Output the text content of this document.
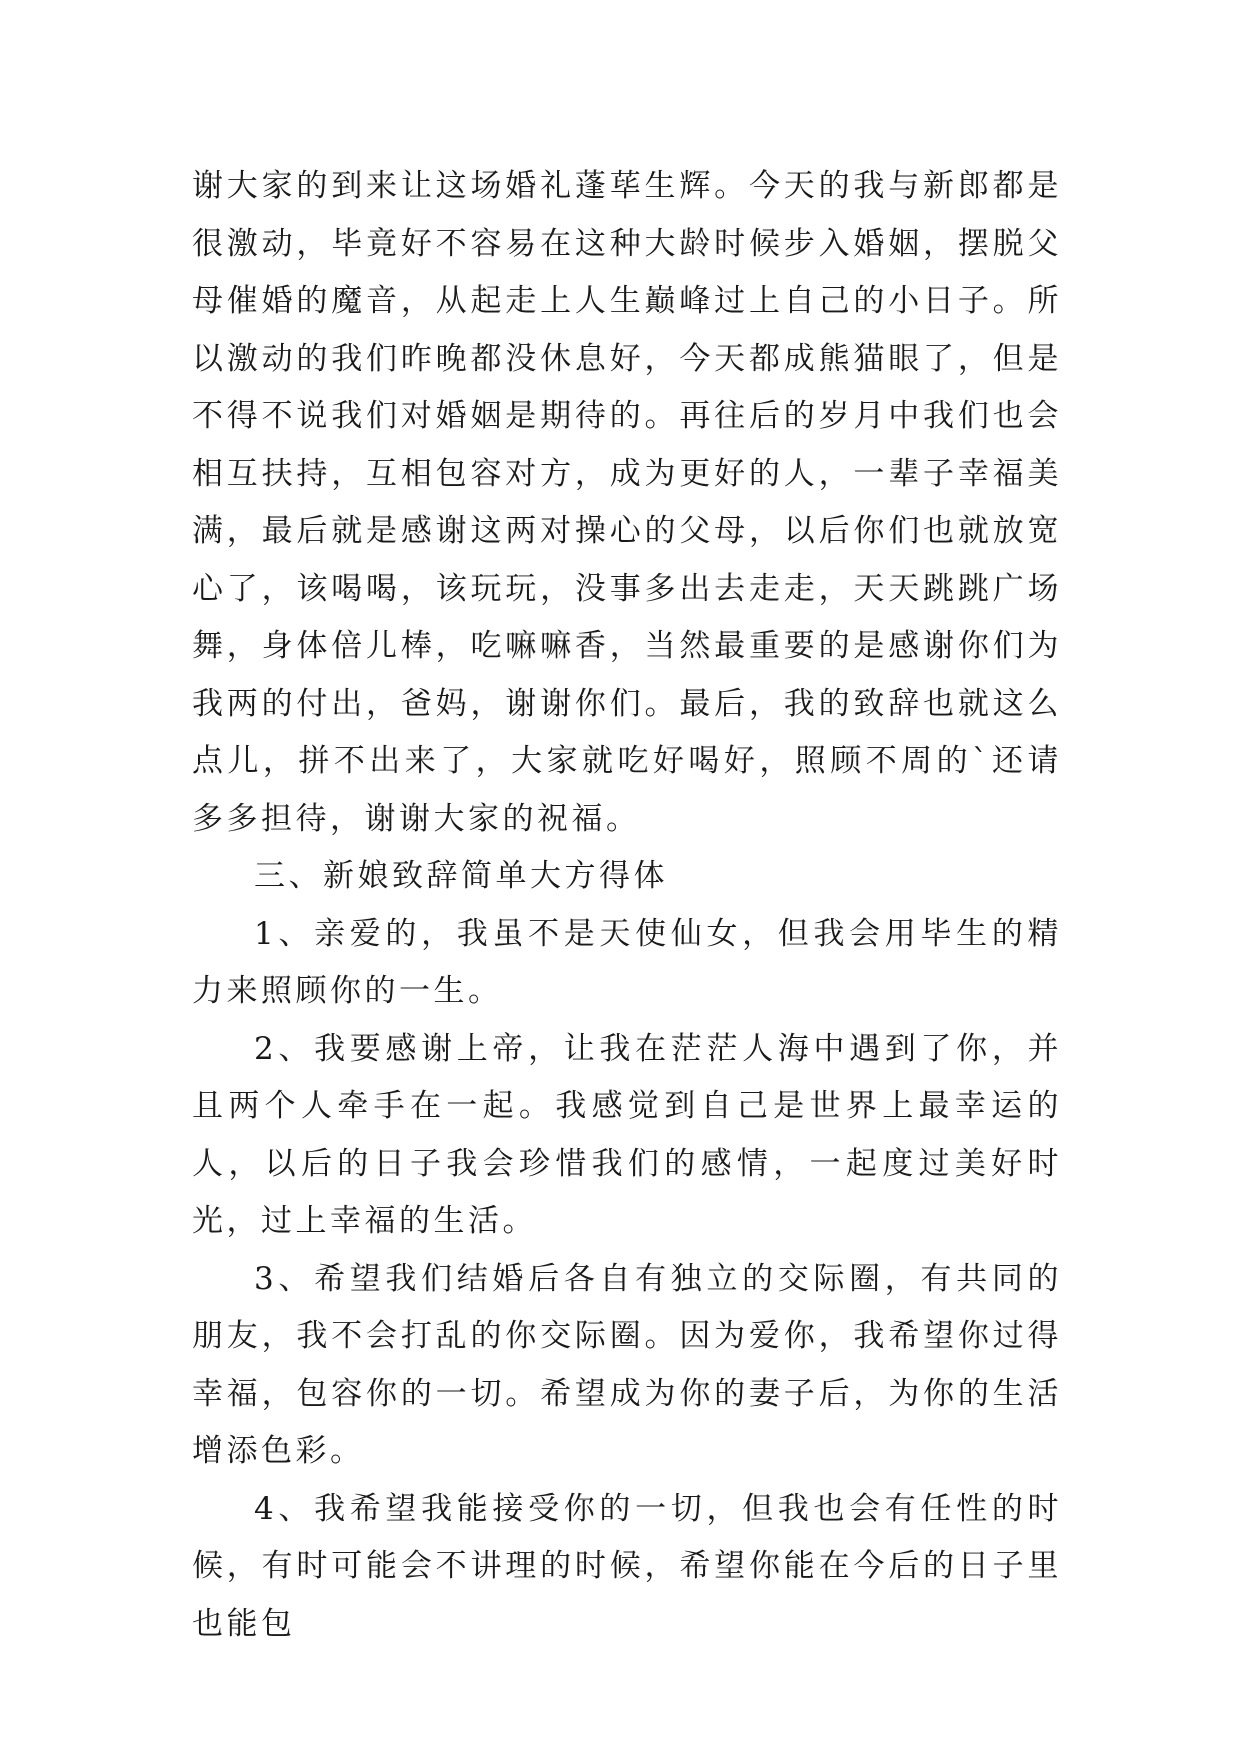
谢大家的到来让这场婚礼蓬荜生辉。今天的我与新郎都是很激动，毕竟好不容易在这种大龄时候步入婚姻，摆脱父母催婚的魔音，从起走上人生巅峰过上自己的小日子。所以激动的我们昨晚都没休息好，今天都成熊猫眼了，但是不得不说我们对婚姻是期待的。再往后的岁月中我们也会相互扶持，互相包容对方，成为更好的人，一辈子幸福美满，最后就是感谢这两对操心的父母，以后你们也就放宽心了，该喝喝，该玩玩，没事多出去走走，天天跳跳广场舞，身体倍儿棒，吃嘛嘛香，当然最重要的是感谢你们为我两的付出，爸妈，谢谢你们。最后，我的致辞也就这么点儿，拼不出来了，大家就吃好喝好，照顾不周的`还请多多担待，谢谢大家的祝福。

三、新娘致辞简单大方得体

1、亲爱的，我虽不是天使仙女，但我会用毕生的精力来照顾你的一生。

2、我要感谢上帝，让我在茫茫人海中遇到了你，并且两个人牵手在一起。我感觉到自己是世界上最幸运的人，以后的日子我会珍惜我们的感情，一起度过美好时光，过上幸福的生活。

3、希望我们结婚后各自有独立的交际圈，有共同的朋友，我不会打乱的你交际圈。因为爱你，我希望你过得幸福，包容你的一切。希望成为你的妻子后，为你的生活增添色彩。

4、我希望我能接受你的一切，但我也会有任性的时候，有时可能会不讲理的时候，希望你能在今后的日子里也能包
